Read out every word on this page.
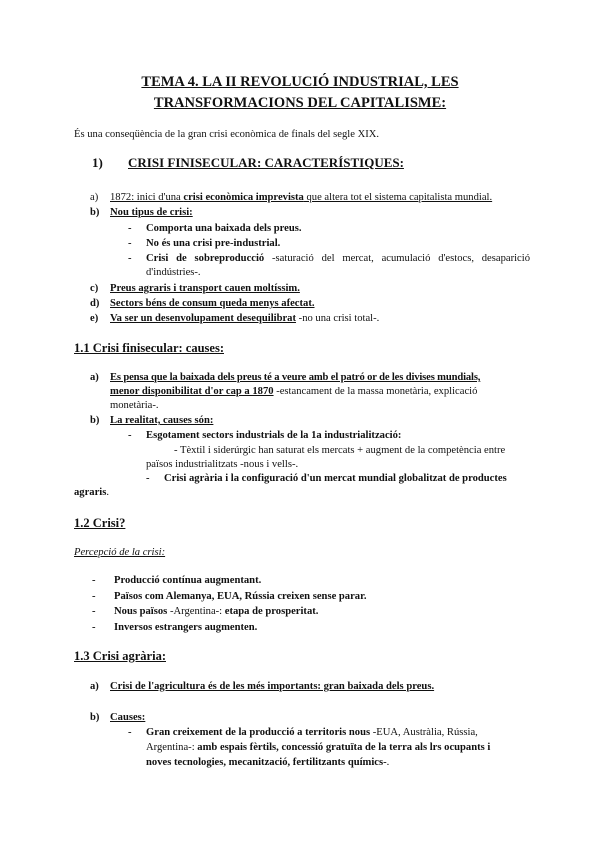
TEMA 4. LA II REVOLUCIÓ INDUSTRIAL, LES
TRANSFORMACIONS DEL CAPITALISME:
És una conseqüència de la gran crisi econòmica de finals del segle XIX.
1) CRISI FINISECULAR: CARACTERÍSTIQUES:
a) 1872: inici d'una crisi econòmica imprevista que altera tot el sistema capitalista mundial.
b) Nou tipus de crisi:
- Comporta una baixada dels preus.
- No és una crisi pre-industrial.
- Crisi de sobreproducció -saturació del mercat, acumulació d'estocs, desaparició
d'indústries-.
c) Preus agraris i transport cauen moltíssim.
d) Sectors béns de consum queda menys afectat.
e) Va ser un desenvolupament desequilibrat -no una crisi total-.
1.1 Crisi finisecular: causes:
a) Es pensa que la baixada dels preus té a veure amb el patró or de les divises mundials,
menor disponibilitat d'or cap a 1870 -estancament de la massa monetària, explicació
monetària-.
b) La realitat, causes són:
- Esgotament sectors industrials de la 1a industrialització:
- Tèxtil i siderúrgic han saturat els mercats + augment de la competència entre
països industrialitzats -nous i vells-.
- Crisi agrària i la configuració d'un mercat mundial globalitzat de productes
agraris.
1.2 Crisi?
Percepció de la crisi:
- Producció contínua augmentant.
- Països com Alemanya, EUA, Rússia creixen sense parar.
- Nous països -Argentina-: etapa de prosperitat.
- Inversos estrangers augmenten.
1.3 Crisi agrària:
a) Crisi de l'agricultura és de les més importants: gran baixada dels preus.
b) Causes:
- Gran creixement de la producció a territoris nous -EUA, Austràlia, Rússia,
Argentina-: amb espais fèrtils, concessió gratuïta de la terra als lrs ocupants i
noves tecnologies, mecanització, fertilitzants químics-.
